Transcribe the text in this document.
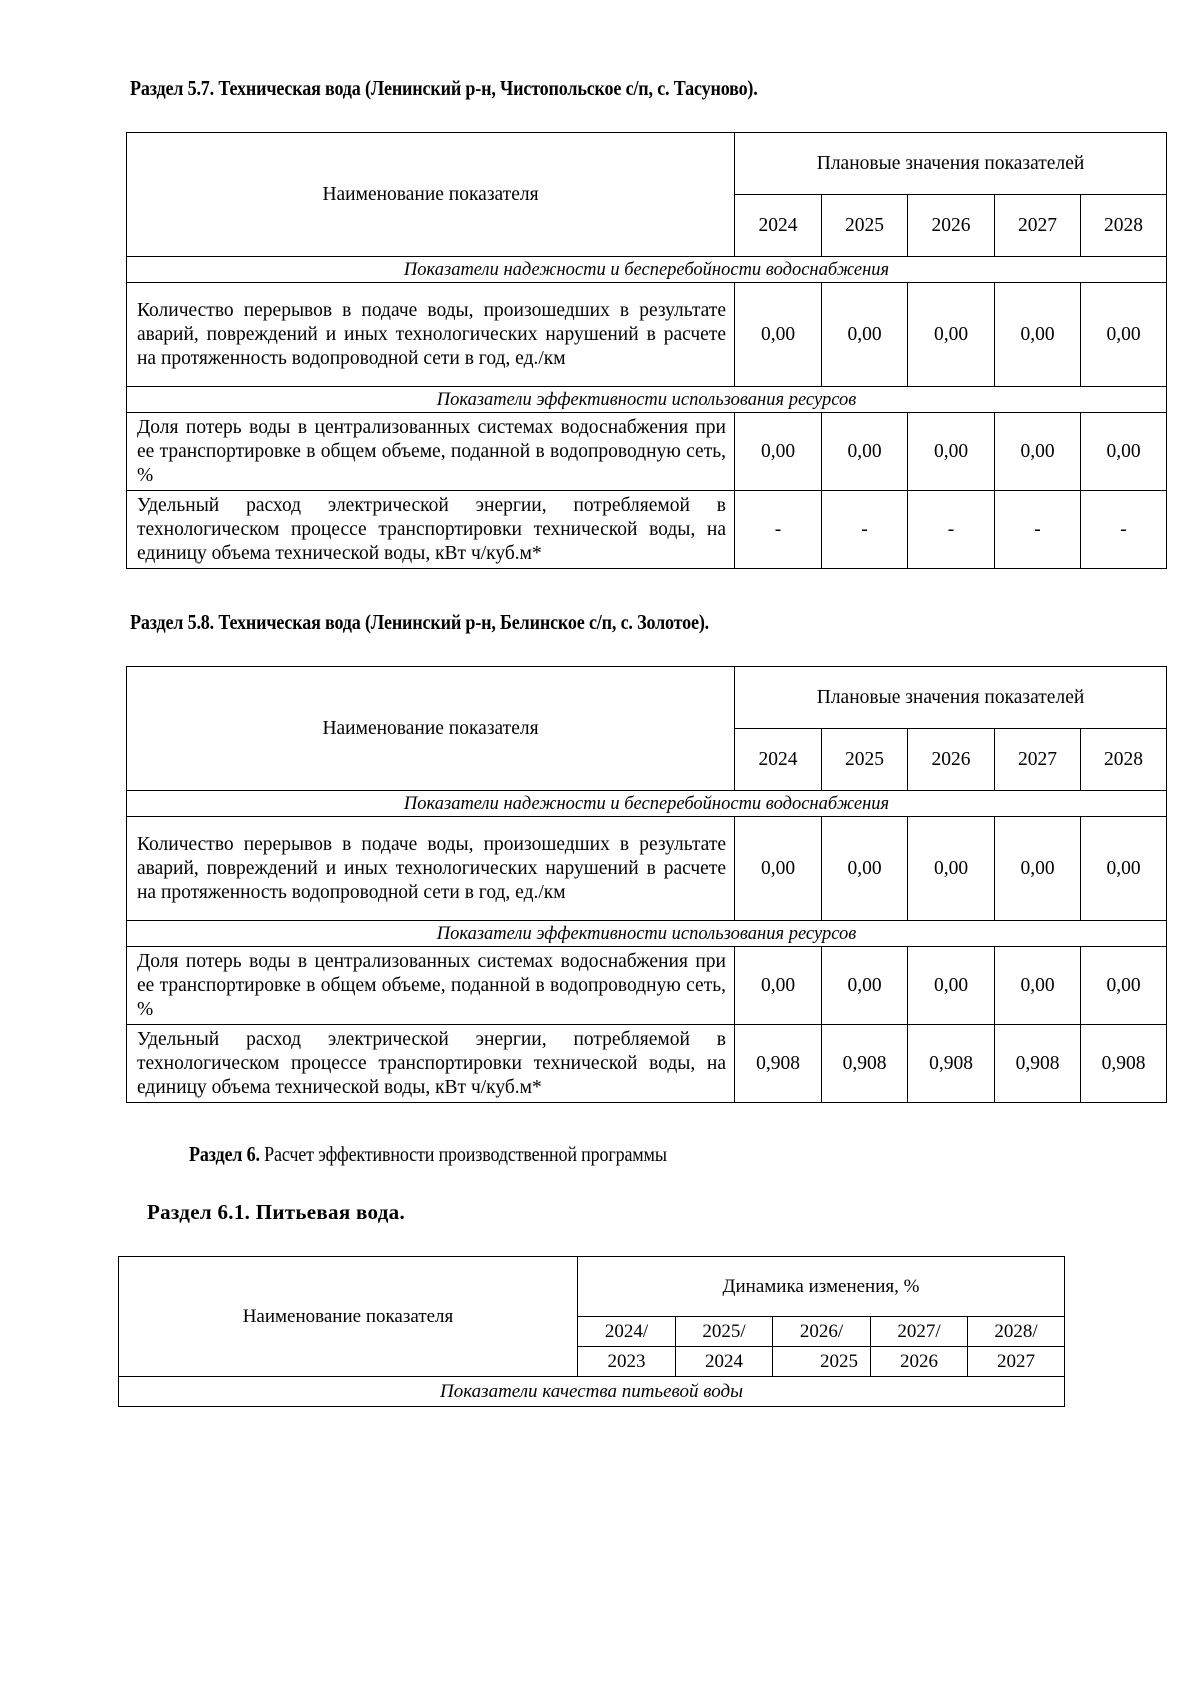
Раздел 5.7. Техническая вода (Ленинский р-н, Чистопольское с/п, с. Тасуново).
Наименование показателя	Плановые значения показателей				
	2024	2025	2026	2027	2028
Показатели надежности и бесперебойности водоснабжения					
Количество перерывов в подаче воды, произошедших в результате аварий, повреждений и иных технологических нарушений в расчете на протяженность водопроводной сети в год, ед./км	0,00	0,00	0,00	0,00	0,00
Показатели эффективности использования ресурсов					
Доля потерь воды в централизованных системах водоснабжения при ее транспортировке в общем объеме, поданной в водопроводную сеть, %	0,00	0,00	0,00	0,00	0,00
Удельный расход электрической энергии, потребляемой в технологическом процессе транспортировки технической воды, на единицу объема технической воды, кВт ч/куб.м*	-	-	-	-	-
Раздел 5.8. Техническая вода (Ленинский р-н, Белинское с/п, с. Золотое).
Наименование показателя	Плановые значения показателей				
	2024	2025	2026	2027	2028
Показатели надежности и бесперебойности водоснабжения					
Количество перерывов в подаче воды, произошедших в результате аварий, повреждений и иных технологических нарушений в расчете на протяженность водопроводной сети в год, ед./км	0,00	0,00	0,00	0,00	0,00
Показатели эффективности использования ресурсов					
Доля потерь воды в централизованных системах водоснабжения при ее транспортировке в общем объеме, поданной в водопроводную сеть, %	0,00	0,00	0,00	0,00	0,00
Удельный расход электрической энергии, потребляемой в технологическом процессе транспортировки технической воды, на единицу объема технической воды, кВт ч/куб.м*	0,908	0,908	0,908	0,908	0,908
Раздел 6. Расчет эффективности производственной программы
Раздел 6.1. Питьевая вода.
Наименование показателя	Динамика изменения, %				
	2024/	2025/	2026/	2027/	2028/
	2023	2024	2025	2026	2027
Показатели качества питьевой воды					
